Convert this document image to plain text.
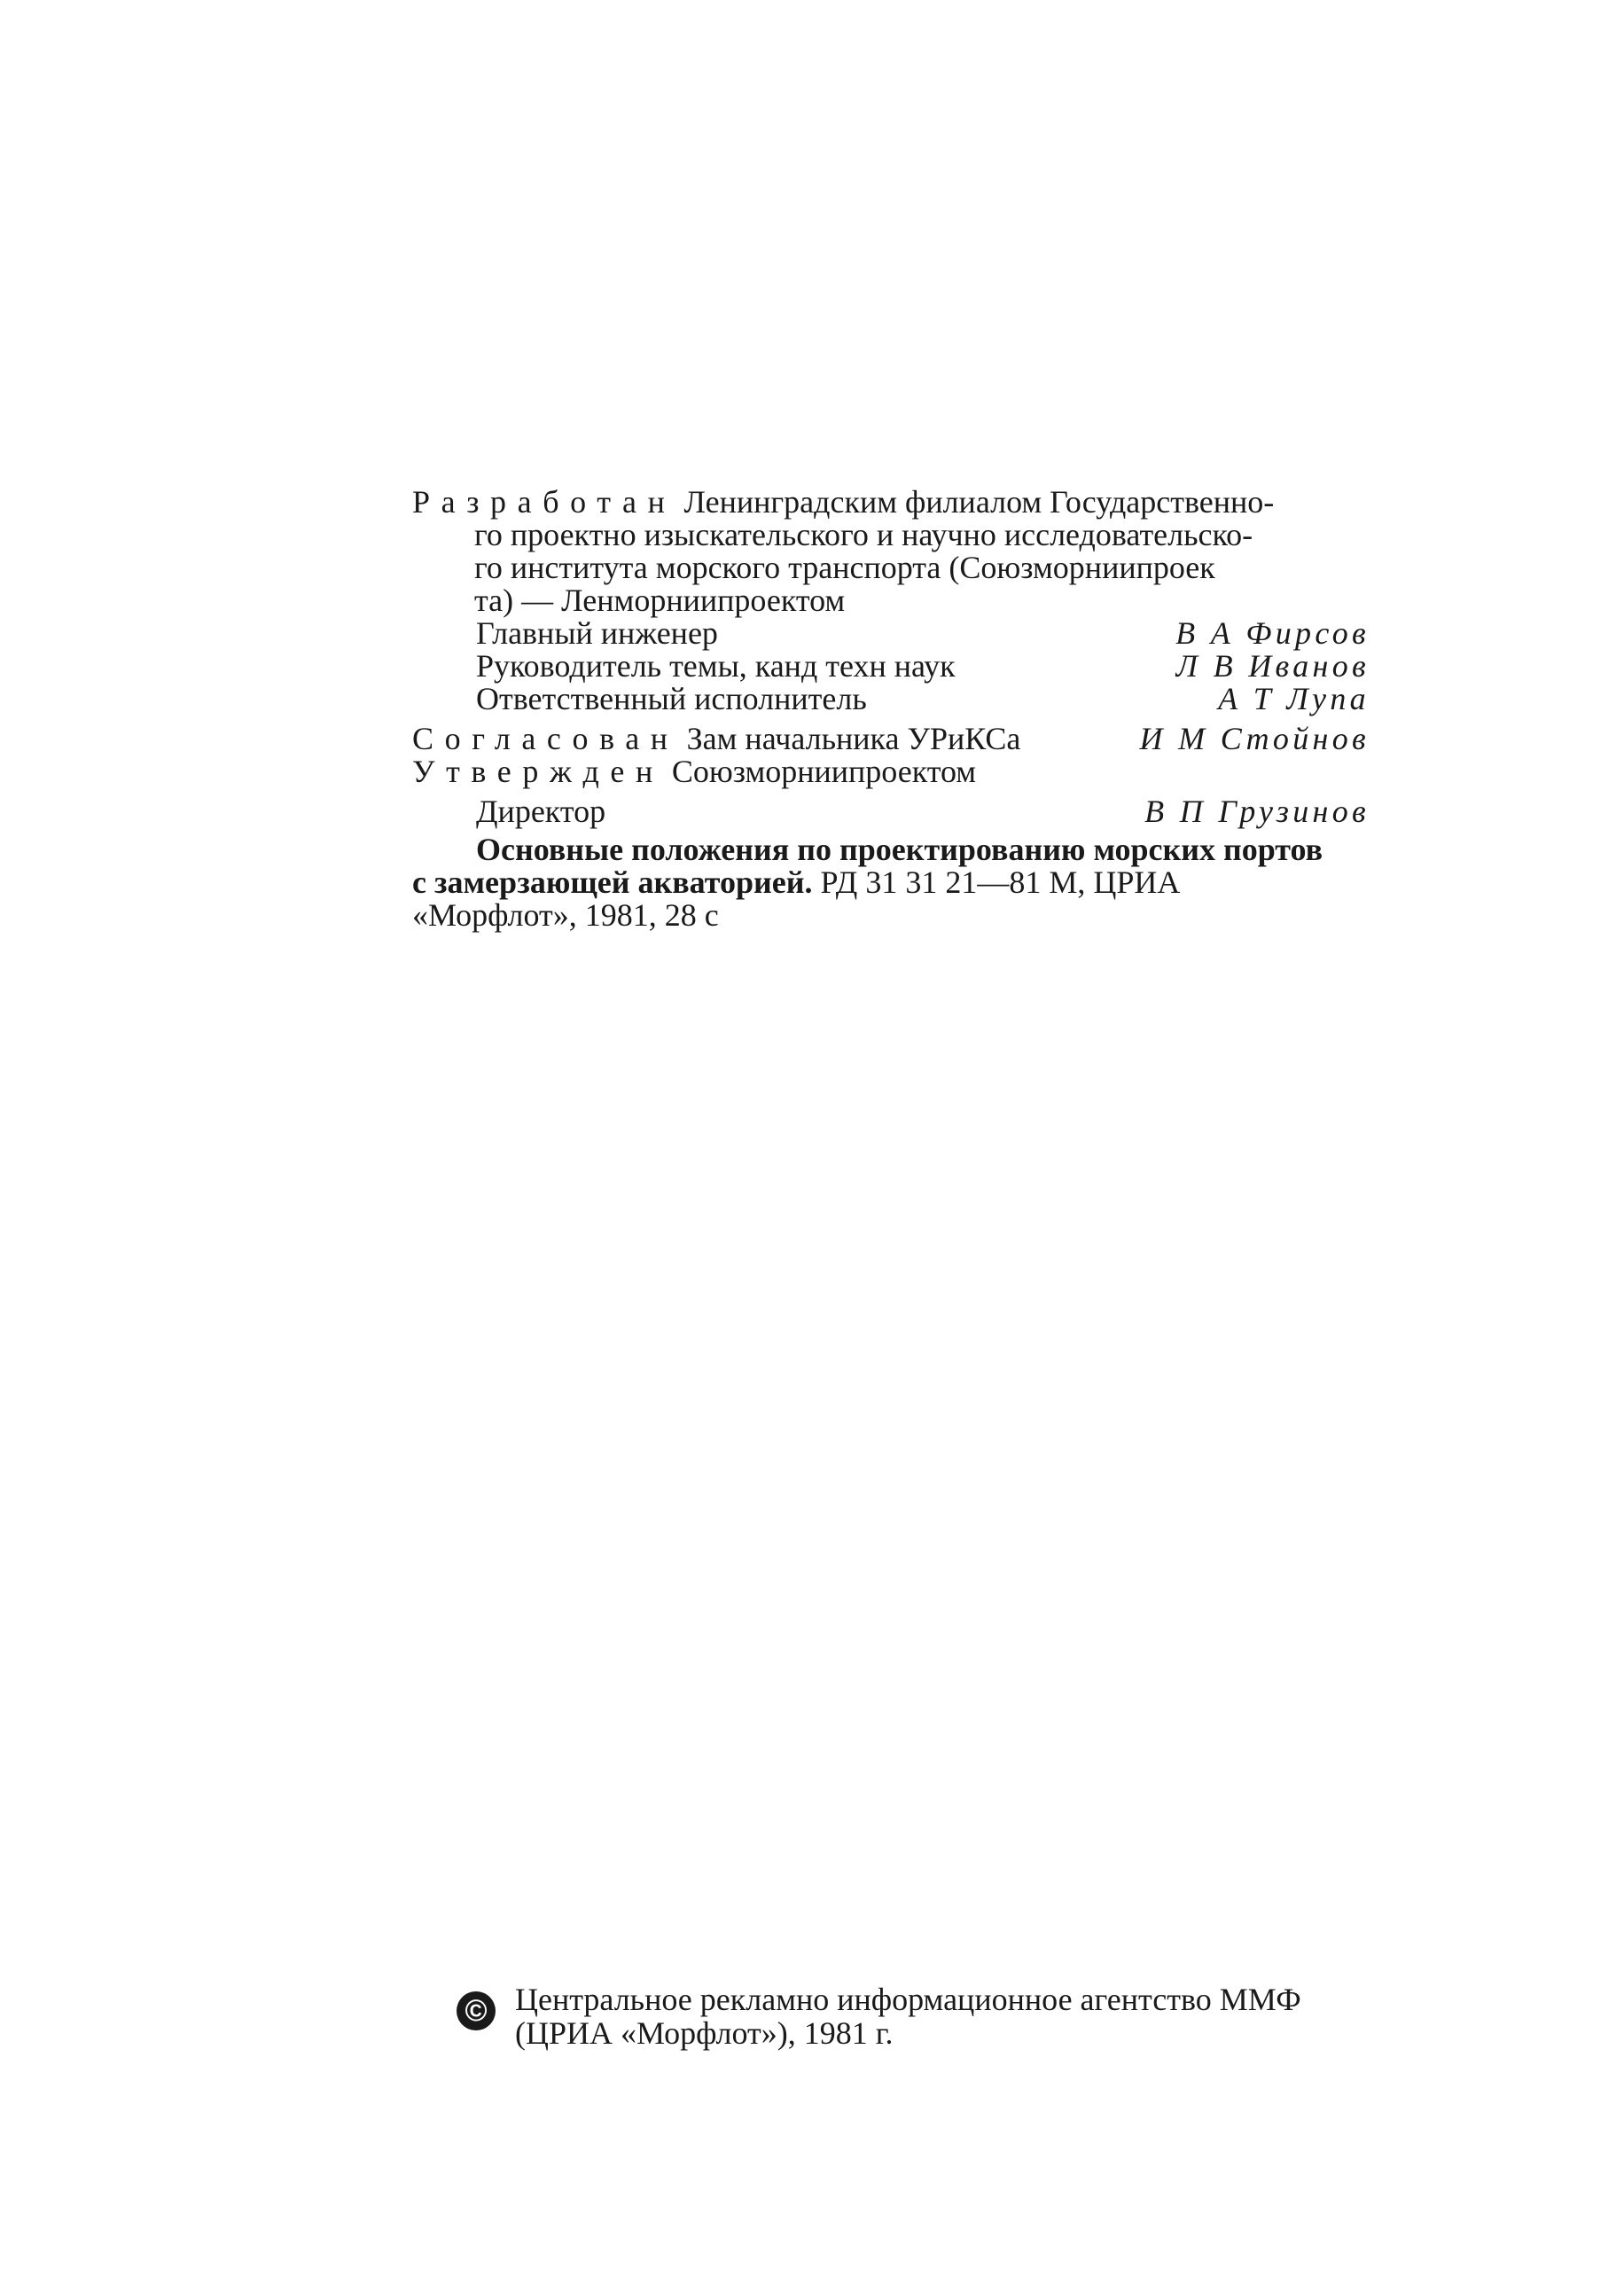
Разработан Ленинградским филиалом Государственно-
го проектно изыскательского и научно исследовательско-
го института морского транспорта (Союзморниипроек
та) — Ленморниипроектом
Главный инженер	В А Фирсов
Руководитель темы, канд техн наук	Л В Иванов
Ответственный исполнитель	А Т Лупа
Согласован Зам начальника УРиКСа	И М Стойнов
Утвержден Союзморниипроектом
Директор	В П Грузинов
Основные положения по проектированию морских портов
с замерзающей акваторией. РД 31 31 21—81 М, ЦРИА
«Морфлот», 1981, 28 с
© Центральное рекламно информационное агентство ММФ
(ЦРИА «Морфлот»), 1981 г.
